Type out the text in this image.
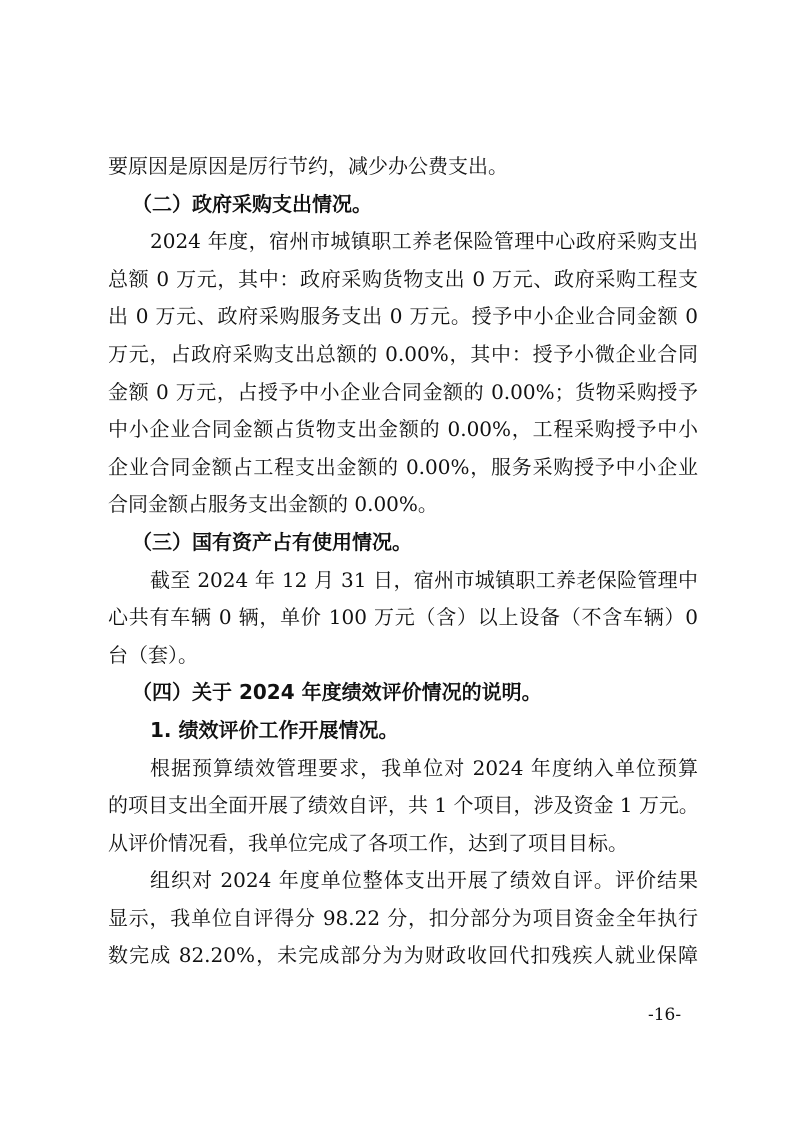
要原因是原因是厉行节约，减少办公费支出。
（二）政府采购支出情况。
2024 年度，宿州市城镇职工养老保险管理中心政府采购支出
总额 0 万元，其中：政府采购货物支出 0 万元、政府采购工程支
出 0 万元、政府采购服务支出 0 万元。授予中小企业合同金额 0
万元，占政府采购支出总额的 0.00%，其中：授予小微企业合同
金额 0 万元，占授予中小企业合同金额的 0.00%；货物采购授予
中小企业合同金额占货物支出金额的 0.00%，工程采购授予中小
企业合同金额占工程支出金额的 0.00%，服务采购授予中小企业
合同金额占服务支出金额的 0.00%。
（三）国有资产占有使用情况。
截至 2024 年 12 月 31 日，宿州市城镇职工养老保险管理中
心共有车辆 0 辆，单价 100 万元（含）以上设备（不含车辆）0
台（套）。
（四）关于 2024 年度绩效评价情况的说明。
1. 绩效评价工作开展情况。
根据预算绩效管理要求，我单位对 2024 年度纳入单位预算
的项目支出全面开展了绩效自评，共 1 个项目，涉及资金 1 万元。
从评价情况看，我单位完成了各项工作，达到了项目目标。
组织对 2024 年度单位整体支出开展了绩效自评。评价结果
显示，我单位自评得分 98.22 分，扣分部分为项目资金全年执行
数完成 82.20%，未完成部分为为财政收回代扣残疾人就业保障
-16-
